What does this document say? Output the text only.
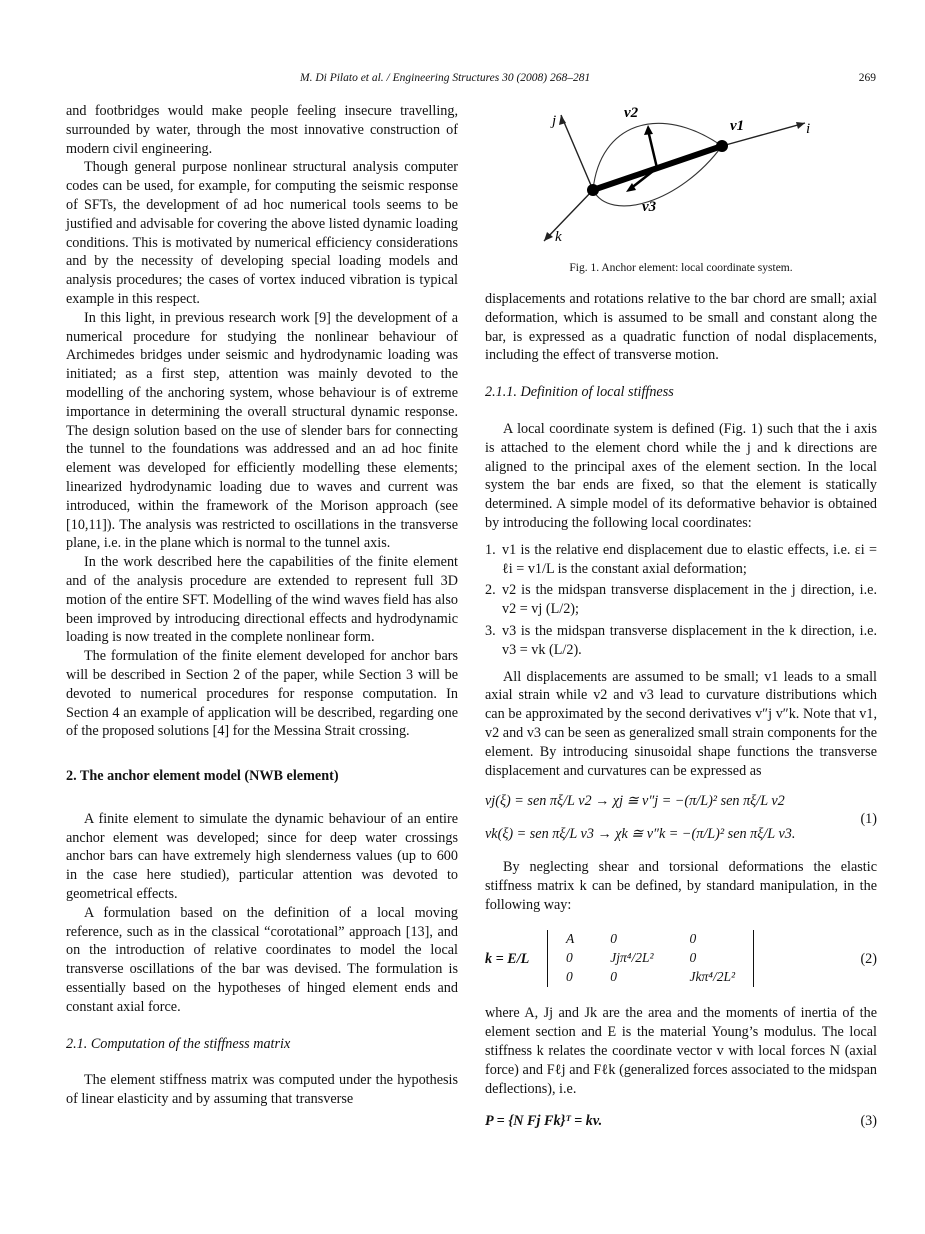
M. Di Pilato et al. / Engineering Structures 30 (2008) 268–281	269
j
k
i
v1
v2
v3
Fig. 1. Anchor element: local coordinate system.

and footbridges would make people feeling insecure travelling, surrounded by water, through the most innovative construction of modern civil engineering.

Though general purpose nonlinear structural analysis computer codes can be used, for example, for computing the seismic response of SFTs, the development of ad hoc numerical tools seems to be justified and advisable for covering the above listed dynamic loading conditions. This is motivated by numerical efficiency considerations and by the necessity of developing special loading models and analysis procedures; the cases of vortex induced vibration is typical example in this respect.

In this light, in previous research work [9] the development of a numerical procedure for studying the nonlinear behaviour of Archimedes bridges under seismic and hydrodynamic loading was initiated; as a first step, attention was mainly devoted to the modelling of the anchoring system, whose behaviour is of extreme importance in determining the overall structural dynamic response. The design solution based on the use of slender bars for connecting the tunnel to the foundations was addressed and an ad hoc finite element was developed for efficiently modelling these elements; linearized hydrodynamic loading due to waves and current was introduced, within the framework of the Morison approach (see [10,11]). The analysis was restricted to oscillations in the transverse plane, i.e. in the plane which is normal to the tunnel axis.

In the work described here the capabilities of the finite element and of the analysis procedure are extended to represent full 3D motion of the entire SFT. Modelling of the wind waves field has also been improved by introducing directional effects and hydrodynamic loading is now treated in the complete nonlinear form.

The formulation of the finite element developed for anchor bars will be described in Section 2 of the paper, while Section 3 will be devoted to numerical procedures for response computation. In Section 4 an example of application will be described, regarding one of the proposed solutions [4] for the Messina Strait crossing.

2. The anchor element model (NWB element)

A finite element to simulate the dynamic behaviour of an entire anchor element was developed; since for deep water crossings anchor bars can have extremely high slenderness values (up to 600 in the case here studied), particular attention was devoted to geometrical effects.

A formulation based on the definition of a local moving reference, such as in the classical “corotational” approach [13], and on the introduction of relative coordinates to model the local transverse oscillations of the bar was devised. The formulation is essentially based on the hypotheses of hinged element ends and constant axial force.

2.1. Computation of the stiffness matrix

The element stiffness matrix was computed under the hypothesis of linear elasticity and by assuming that transverse

displacements and rotations relative to the bar chord are small; axial deformation, which is assumed to be small and constant along the bar, is expressed as a quadratic function of nodal displacements, including the effect of transverse motion.

2.1.1. Definition of local stiffness

A local coordinate system is defined (Fig. 1) such that the i axis is attached to the element chord while the j and k directions are aligned to the principal axes of the element section. In the local system the bar ends are fixed, so that the element is statically determined. A simple model of its deformative behavior is obtained by introducing the following local coordinates:

1. v1 is the relative end displacement due to elastic effects, i.e. εi = ℓi = v1/L is the constant axial deformation;
2. v2 is the midspan transverse displacement in the j direction, i.e. v2 = vj (L/2);
3. v3 is the midspan transverse displacement in the k direction, i.e. v3 = vk (L/2).

All displacements are assumed to be small; v1 leads to a small axial strain while v2 and v3 lead to curvature distributions which can be approximated by the second derivatives v″j v″k. Note that v1, v2 and v3 can be seen as generalized small strain components for the element. By introducing sinusoidal shape functions the transverse displacement and curvatures can be expressed as

vj(ξ) = sen πξ/L v2 → χj ≅ v″j = −(π/L)² sen πξ/L v2
vk(ξ) = sen πξ/L v3 → χk ≅ v″k = −(π/L)² sen πξ/L v3.
(1)

By neglecting shear and torsional deformations the elastic stiffness matrix k can be defined, by standard manipulation, in the following way:

k = E/L
A	0	0
0	Jjπ⁴/2L²	0
0	0	Jkπ⁴/2L²
(2)

where A, Jj and Jk are the area and the moments of inertia of the element section and E is the material Young’s modulus. The local stiffness k relates the coordinate vector v with local forces N (axial force) and Fℓj and Fℓk (generalized forces associated to the midspan deflections), i.e.

P = {N Fj Fk}ᵀ = kv.	(3)
